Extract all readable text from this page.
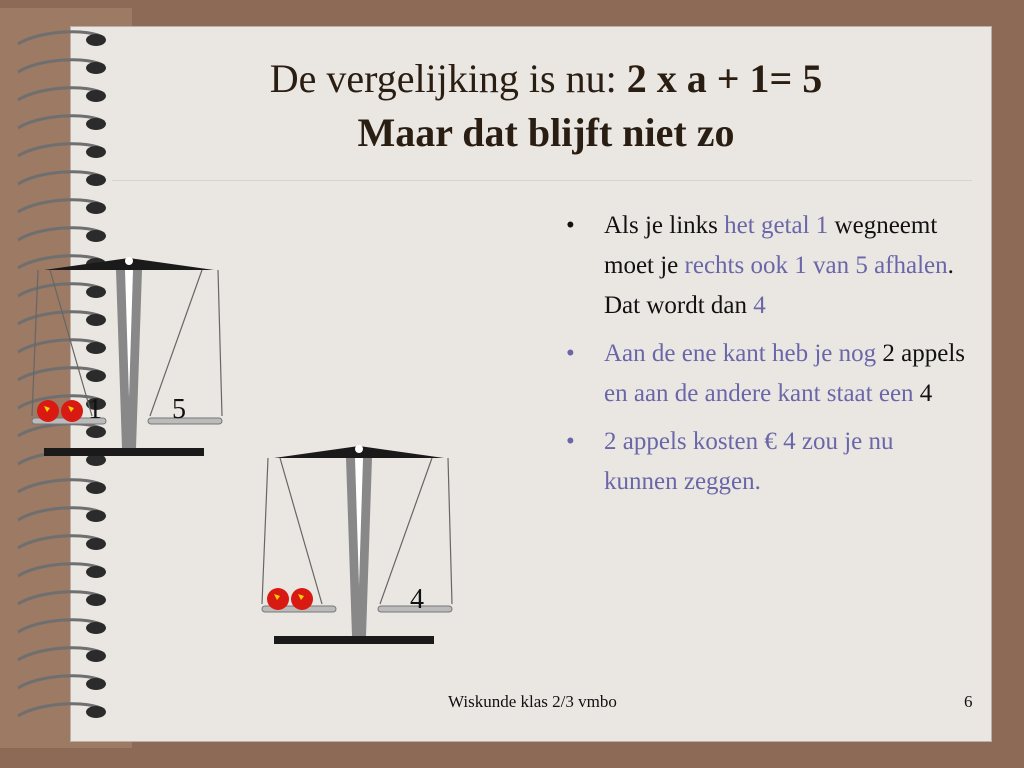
De vergelijking is nu: 2 x a + 1= 5
Maar dat blijft niet zo
1	5
4
• Als je links het getal 1 wegneemt moet je rechts ook 1 van 5 afhalen. Dat wordt dan 4
• Aan de ene kant heb je nog 2 appels en aan de andere kant staat een 4
• 2 appels kosten € 4 zou je nu kunnen zeggen.
Wiskunde klas 2/3 vmbo	6
